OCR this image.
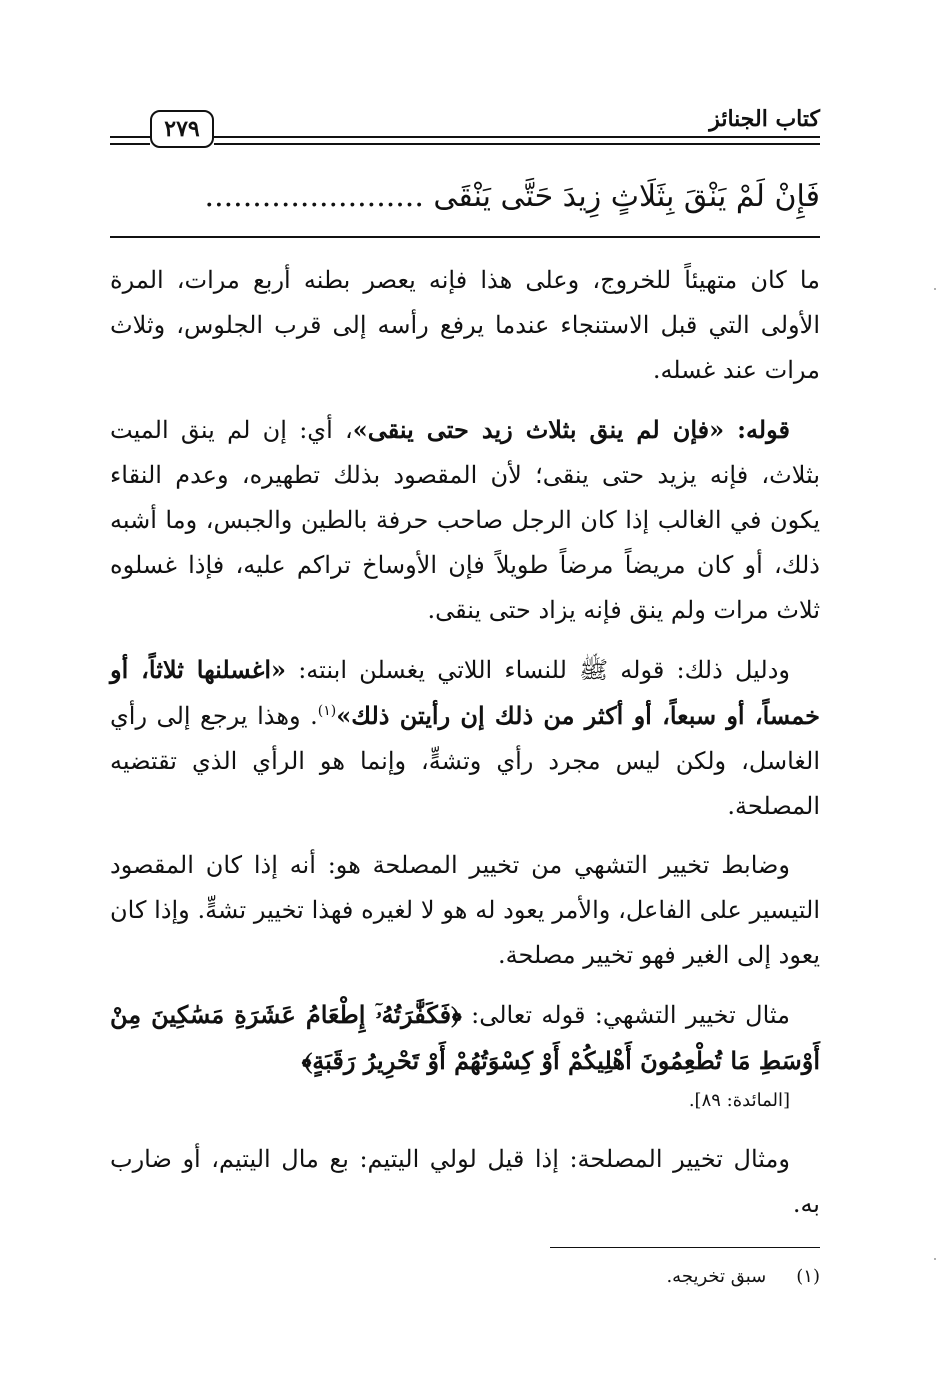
كتاب الجنائز
٢٧٩
فَإِنْ لَمْ يَنْقَ بِثَلَاثٍ زِيدَ حَتَّى يَنْقَى .......................

ما كان متهيئاً للخروج، وعلى هذا فإنه يعصر بطنه أربع مرات، المرة الأولى التي قبل الاستنجاء عندما يرفع رأسه إلى قرب الجلوس، وثلاث مرات عند غسله.

قوله: «فإن لم ينق بثلاث زيد حتى ينقى»، أي: إن لم ينق الميت بثلاث، فإنه يزيد حتى ينقى؛ لأن المقصود بذلك تطهيره، وعدم النقاء يكون في الغالب إذا كان الرجل صاحب حرفة بالطين والجبس، وما أشبه ذلك، أو كان مريضاً مرضاً طويلاً فإن الأوساخ تراكم عليه، فإذا غسلوه ثلاث مرات ولم ينق فإنه يزاد حتى ينقى.

ودليل ذلك: قوله ﷺ للنساء اللاتي يغسلن ابنته: «اغسلنها ثلاثاً، أو خمساً، أو سبعاً، أو أكثر من ذلك إن رأيتن ذلك»$^{(١)}$. وهذا يرجع إلى رأي الغاسل، ولكن ليس مجرد رأي وتشهٍّ، وإنما هو الرأي الذي تقتضيه المصلحة.

وضابط تخيير التشهي من تخيير المصلحة هو: أنه إذا كان المقصود التيسير على الفاعل، والأمر يعود له هو لا لغيره فهذا تخيير تشهٍّ. وإذا كان يعود إلى الغير فهو تخيير مصلحة.

مثال تخيير التشهي: قوله تعالى: ﴿فَكَفَّٰرَتُهُۥٓ إِطْعَامُ عَشَرَةِ مَسَٰكِينَ مِنْ أَوْسَطِ مَا تُطْعِمُونَ أَهْلِيكُمْ أَوْ كِسْوَتُهُمْ أَوْ تَحْرِيرُ رَقَبَةٍ﴾
[المائدة: ٨٩].

ومثال تخيير المصلحة: إذا قيل لولي اليتيم: بع مال اليتيم، أو ضارب به.

(١)سبق تخريجه.
